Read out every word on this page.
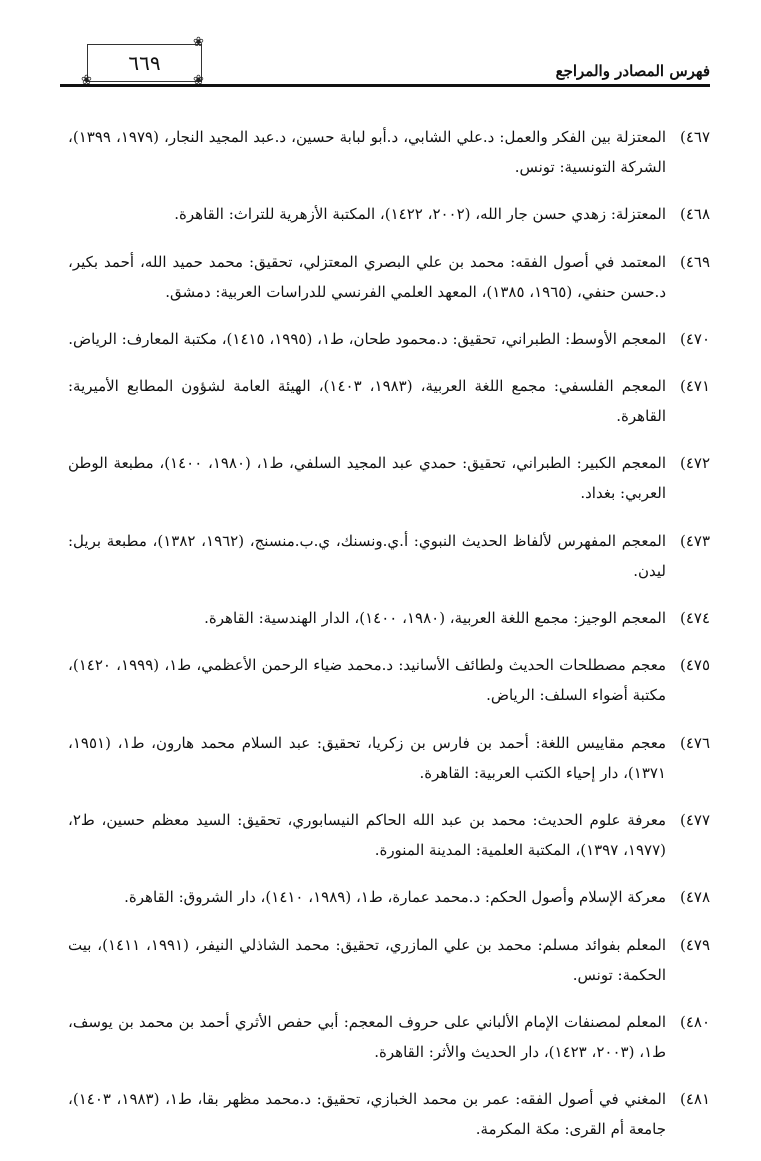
٦٦٩
❀
❀	❀
فهرس المصادر والمراجع
٤٦٧)

المعتزلة بين الفكر والعمل: د.علي الشابي، د.أبو لبابة حسين، د.عبد المجيد النجار، (١٩٧٩، ١٣٩٩)، الشركة التونسية: تونس.

٤٦٨)

المعتزلة: زهدي حسن جار الله، (٢٠٠٢، ١٤٢٢)، المكتبة الأزهرية للتراث: القاهرة.

٤٦٩)

المعتمد في أصول الفقه: محمد بن علي البصري المعتزلي، تحقيق: محمد حميد الله، أحمد بكير، د.حسن حنفي، (١٩٦٥، ١٣٨٥)، المعهد العلمي الفرنسي للدراسات العربية: دمشق.

٤٧٠)

المعجم الأوسط: الطبراني، تحقيق: د.محمود طحان، ط١، (١٩٩٥، ١٤١٥)، مكتبة المعارف: الرياض.

٤٧١)

المعجم الفلسفي: مجمع اللغة العربية، (١٩٨٣، ١٤٠٣)، الهيئة العامة لشؤون المطابع الأميرية: القاهرة.

٤٧٢)

المعجم الكبير: الطبراني، تحقيق: حمدي عبد المجيد السلفي، ط١، (١٩٨٠، ١٤٠٠)، مطبعة الوطن العربي: بغداد.

٤٧٣)

المعجم المفهرس لألفاظ الحديث النبوي: أ.ي.ونسنك، ي.ب.منسنج، (١٩٦٢، ١٣٨٢)، مطبعة بريل: ليدن.

٤٧٤)

المعجم الوجيز: مجمع اللغة العربية، (١٩٨٠، ١٤٠٠)، الدار الهندسية: القاهرة.

٤٧٥)

معجم مصطلحات الحديث ولطائف الأسانيد: د.محمد ضياء الرحمن الأعظمي، ط١، (١٩٩٩، ١٤٢٠)، مكتبة أضواء السلف: الرياض.

٤٧٦)

معجم مقاييس اللغة: أحمد بن فارس بن زكريا، تحقيق: عبد السلام محمد هارون، ط١، (١٩٥١، ١٣٧١)، دار إحياء الكتب العربية: القاهرة.

٤٧٧)

معرفة علوم الحديث: محمد بن عبد الله الحاكم النيسابوري، تحقيق: السيد معظم حسين، ط٢، (١٩٧٧، ١٣٩٧)، المكتبة العلمية: المدينة المنورة.

٤٧٨)

معركة الإسلام وأصول الحكم: د.محمد عمارة، ط١، (١٩٨٩، ١٤١٠)، دار الشروق: القاهرة.

٤٧٩)

المعلم بفوائد مسلم: محمد بن علي المازري، تحقيق: محمد الشاذلي النيفر، (١٩٩١، ١٤١١)، بيت الحكمة: تونس.

٤٨٠)

المعلم لمصنفات الإمام الألباني على حروف المعجم: أبي حفص الأثري أحمد بن محمد بن يوسف، ط١، (٢٠٠٣، ١٤٢٣)، دار الحديث والأثر: القاهرة.

٤٨١)

المغني في أصول الفقه: عمر بن محمد الخبازي، تحقيق: د.محمد مظهر بقا، ط١، (١٩٨٣، ١٤٠٣)، جامعة أم القرى: مكة المكرمة.
